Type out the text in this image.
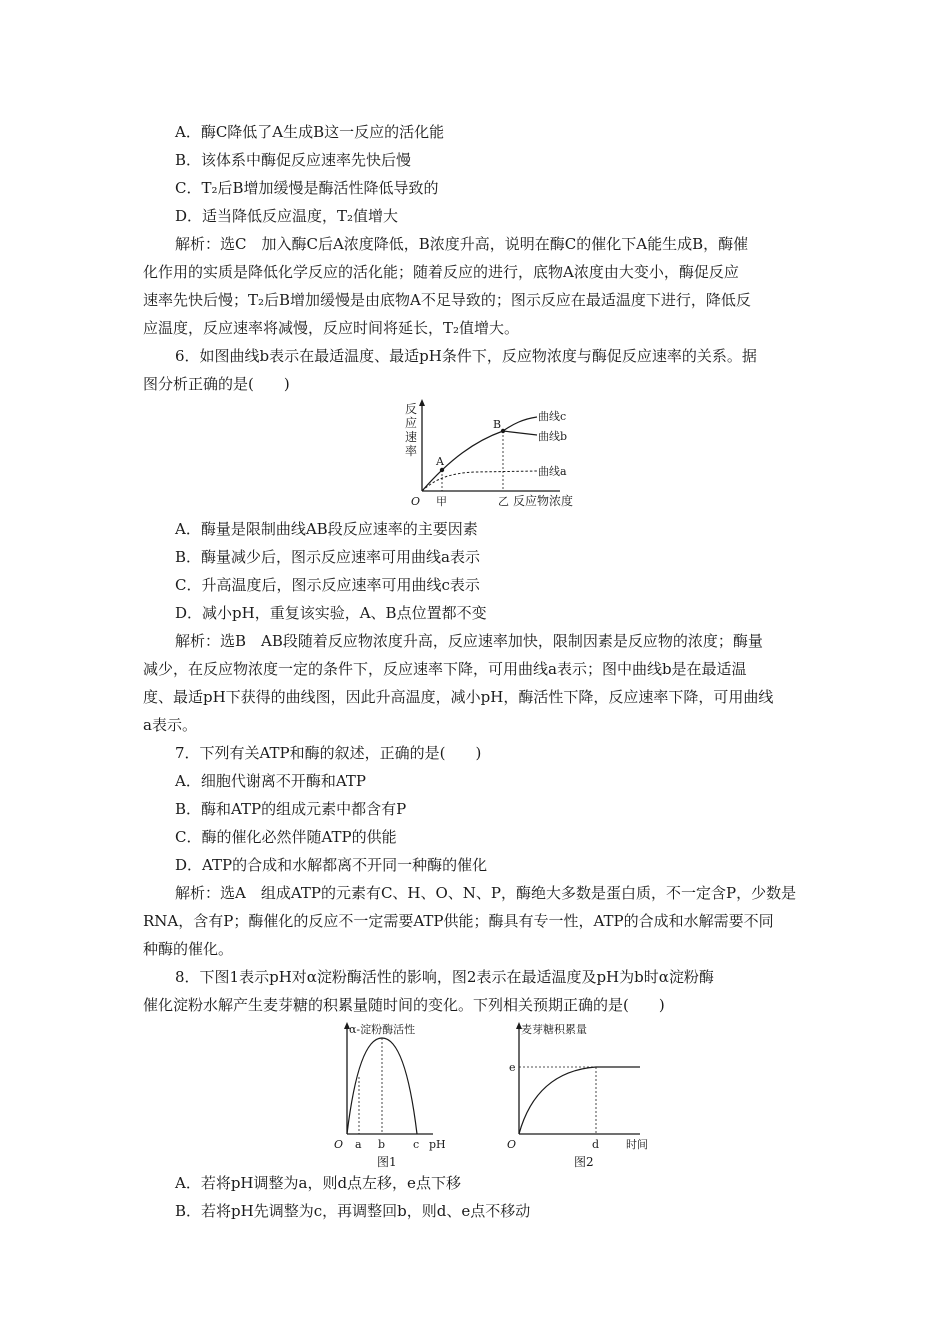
A．酶C降低了A生成B这一反应的活化能
B．该体系中酶促反应速率先快后慢
C．T₂后B增加缓慢是酶活性降低导致的
D．适当降低反应温度，T₂值增大
解析：选C　加入酶C后A浓度降低，B浓度升高，说明在酶C的催化下A能生成B，酶催
化作用的实质是降低化学反应的活化能；随着反应的进行，底物A浓度由大变小，酶促反应
速率先快后慢；T₂后B增加缓慢是由底物A不足导致的；图示反应在最适温度下进行，降低反
应温度，反应速率将减慢，反应时间将延长，T₂值增大。
6．如图曲线b表示在最适温度、最适pH条件下，反应物浓度与酶促反应速率的关系。据
图分析正确的是(　　)
反
应
速
率
A
B
曲线c
曲线b
曲线a
O 甲	乙 反应物浓度
A．酶量是限制曲线AB段反应速率的主要因素
B．酶量减少后，图示反应速率可用曲线a表示
C．升高温度后，图示反应速率可用曲线c表示
D．减小pH，重复该实验，A、B点位置都不变
解析：选B　AB段随着反应物浓度升高，反应速率加快，限制因素是反应物的浓度；酶量
减少，在反应物浓度一定的条件下，反应速率下降，可用曲线a表示；图中曲线b是在最适温
度、最适pH下获得的曲线图，因此升高温度，减小pH，酶活性下降，反应速率下降，可用曲线
a表示。
7．下列有关ATP和酶的叙述，正确的是(　　)
A．细胞代谢离不开酶和ATP
B．酶和ATP的组成元素中都含有P
C．酶的催化必然伴随ATP的供能
D．ATP的合成和水解都离不开同一种酶的催化
解析：选A　组成ATP的元素有C、H、O、N、P，酶绝大多数是蛋白质，不一定含P，少数是
RNA，含有P；酶催化的反应不一定需要ATP供能；酶具有专一性，ATP的合成和水解需要不同
种酶的催化。
8．下图1表示pH对α淀粉酶活性的影响，图2表示在最适温度及pH为b时α淀粉酶
催化淀粉水解产生麦芽糖的积累量随时间的变化。下列相关预期正确的是(　　)
α-淀粉酶活性
O a b	c pH
图1
麦芽糖积累量
e
O	d 时间
图2
A．若将pH调整为a，则d点左移，e点下移
B．若将pH先调整为c，再调整回b，则d、e点不移动
